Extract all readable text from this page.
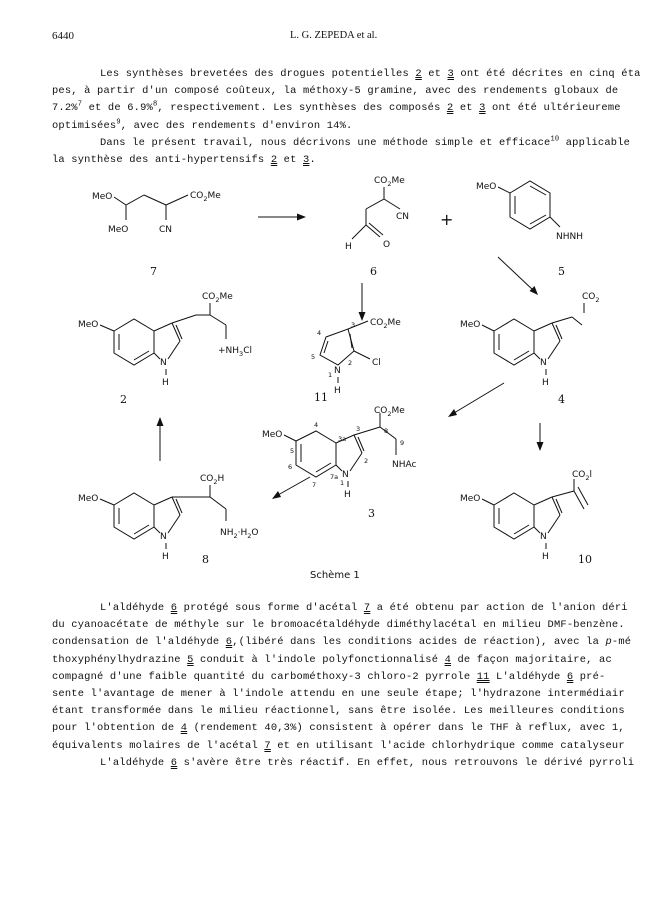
6440	L. G. ZEPEDA et al.
Les synthèses brevetées des drogues potentielles 2 et 3 ont été décrites en cinq éta
pes, à partir d'un composé coûteux, la méthoxy-5 gramine, avec des rendements globaux de
7.2%$^7$ et de 6.9%$^8$, respectivement. Les synthèses des composés 2 et 3 ont été ultérieureme
optimisées$^9$, avec des rendements d'environ 14%.
Dans le présent travail, nous décrivons une méthode simple et efficace$^{10}$ applicable
la synthèse des anti-hypertensifs 2 et 3.
MeO
MeO
$CO_2Me$
CN
7
$CO_2Me$
CN
H	O
6
+
MeO
NHNH
5
$CO_2Me$
$+NH_3Cl$
MeO
N
H
2
$CO_2Me$
Cl
N
4
3
5
2
1
H
11
MeO
N
H
$CO_2$
4
MeO
N
H
$CO_2Me$
NHAc
4
5
6
7
3a
7a
3
2
1
8
9
3
$CO_2H$
$NH_2\cdot H_2O$
MeO
N
H	8
MeO
N
H
$CO_2l$
10
Schème 1
L'aldéhyde 6 protégé sous forme d'acétal 7 a été obtenu par action de l'anion déri
du cyanoacétate de méthyle sur le bromoacétaldéhyde diméthylacétal en milieu DMF-benzène.
condensation de l'aldéhyde 6,(libéré dans les conditions acides de réaction), avec la p-mé
thoxyphénylhydrazine 5 conduit à l'indole polyfonctionnalisé 4 de façon majoritaire, ac
compagné d'une faible quantité du carbométhoxy-3 chloro-2 pyrrole 11 L'aldéhyde 6 pré-
sente l'avantage de mener à l'indole attendu en une seule étape; l'hydrazone intermédiair
étant transformée dans le milieu réactionnel, sans être isolée. Les meilleures conditions
pour l'obtention de 4 (rendement 40,3%) consistent à opérer dans le THF à reflux, avec 1,
équivalents molaires de l'acétal 7 et en utilisant l'acide chlorhydrique comme catalyseur
L'aldéhyde 6 s'avère être très réactif. En effet, nous retrouvons le dérivé pyrroli
